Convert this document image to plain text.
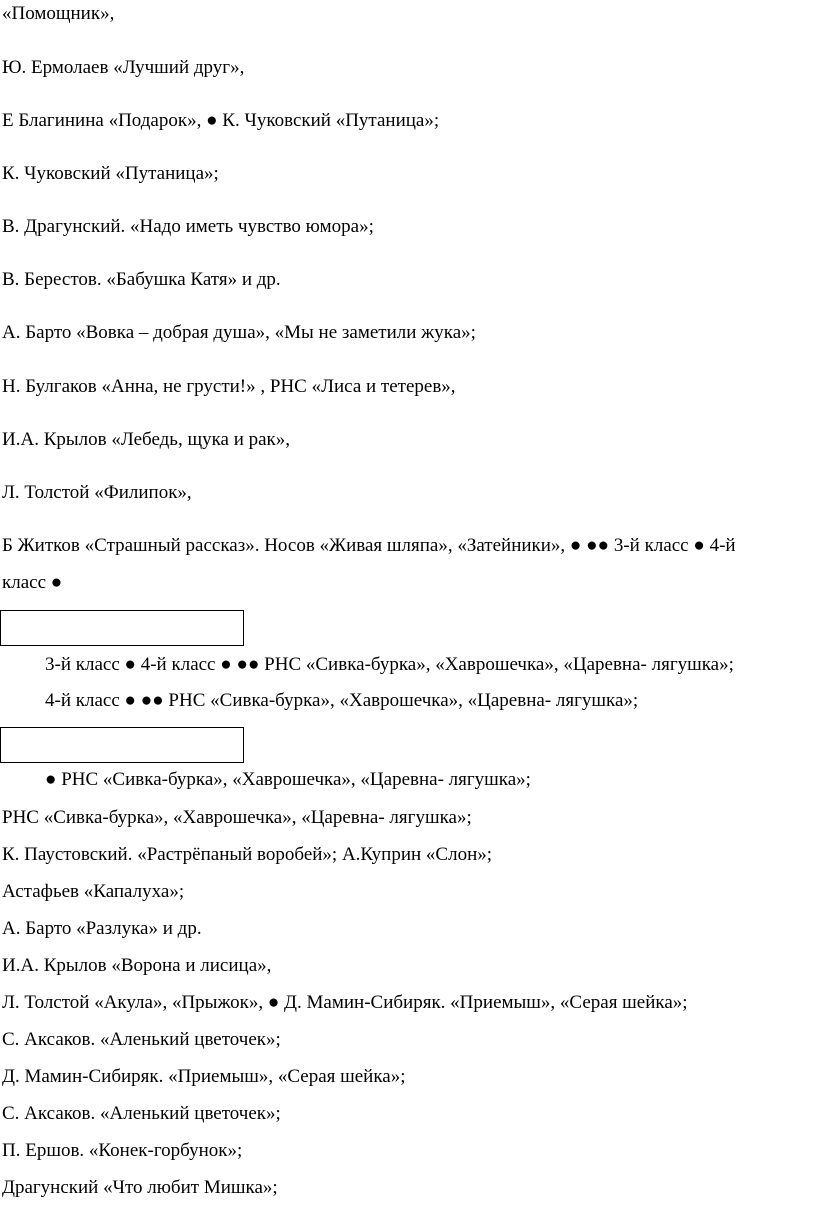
«Помощник»,
Ю. Ермолаев «Лучший друг»,
Е Благинина «Подарок», ● К. Чуковский «Путаница»;
К. Чуковский «Путаница»;
В. Драгунский. «Надо иметь чувство юмора»;
В. Берестов. «Бабушка Катя» и др.
А. Барто «Вовка – добрая душа», «Мы не заметили жука»;
Н. Булгаков «Анна, не грусти!» , РНС «Лиса и тетерев»,
И.А. Крылов «Лебедь, щука и рак»,
Л. Толстой «Филипок»,
Б Житков «Страшный рассказ». Носов «Живая шляпа», «Затейники», ● ●● 3-й класс ● 4-й
класс ●
3-й класс ● 4-й класс ● ●● РНС «Сивка-бурка», «Хаврошечка», «Царевна- лягушка»;
4-й класс ● ●● РНС «Сивка-бурка», «Хаврошечка», «Царевна- лягушка»;
● РНС «Сивка-бурка», «Хаврошечка», «Царевна- лягушка»;
РНС «Сивка-бурка», «Хаврошечка», «Царевна- лягушка»;
К. Паустовский. «Растрёпаный воробей»; А.Куприн «Слон»;
Астафьев «Капалуха»;
А. Барто «Разлука» и др.
И.А. Крылов «Ворона и лисица»,
Л. Толстой «Акула», «Прыжок», ● Д. Мамин-Сибиряк. «Приемыш», «Серая шейка»;
С. Аксаков. «Аленький цветочек»;
Д. Мамин-Сибиряк. «Приемыш», «Серая шейка»;
С. Аксаков. «Аленький цветочек»;
П. Ершов. «Конек-горбунок»;
Драгунский «Что любит Мишка»;
